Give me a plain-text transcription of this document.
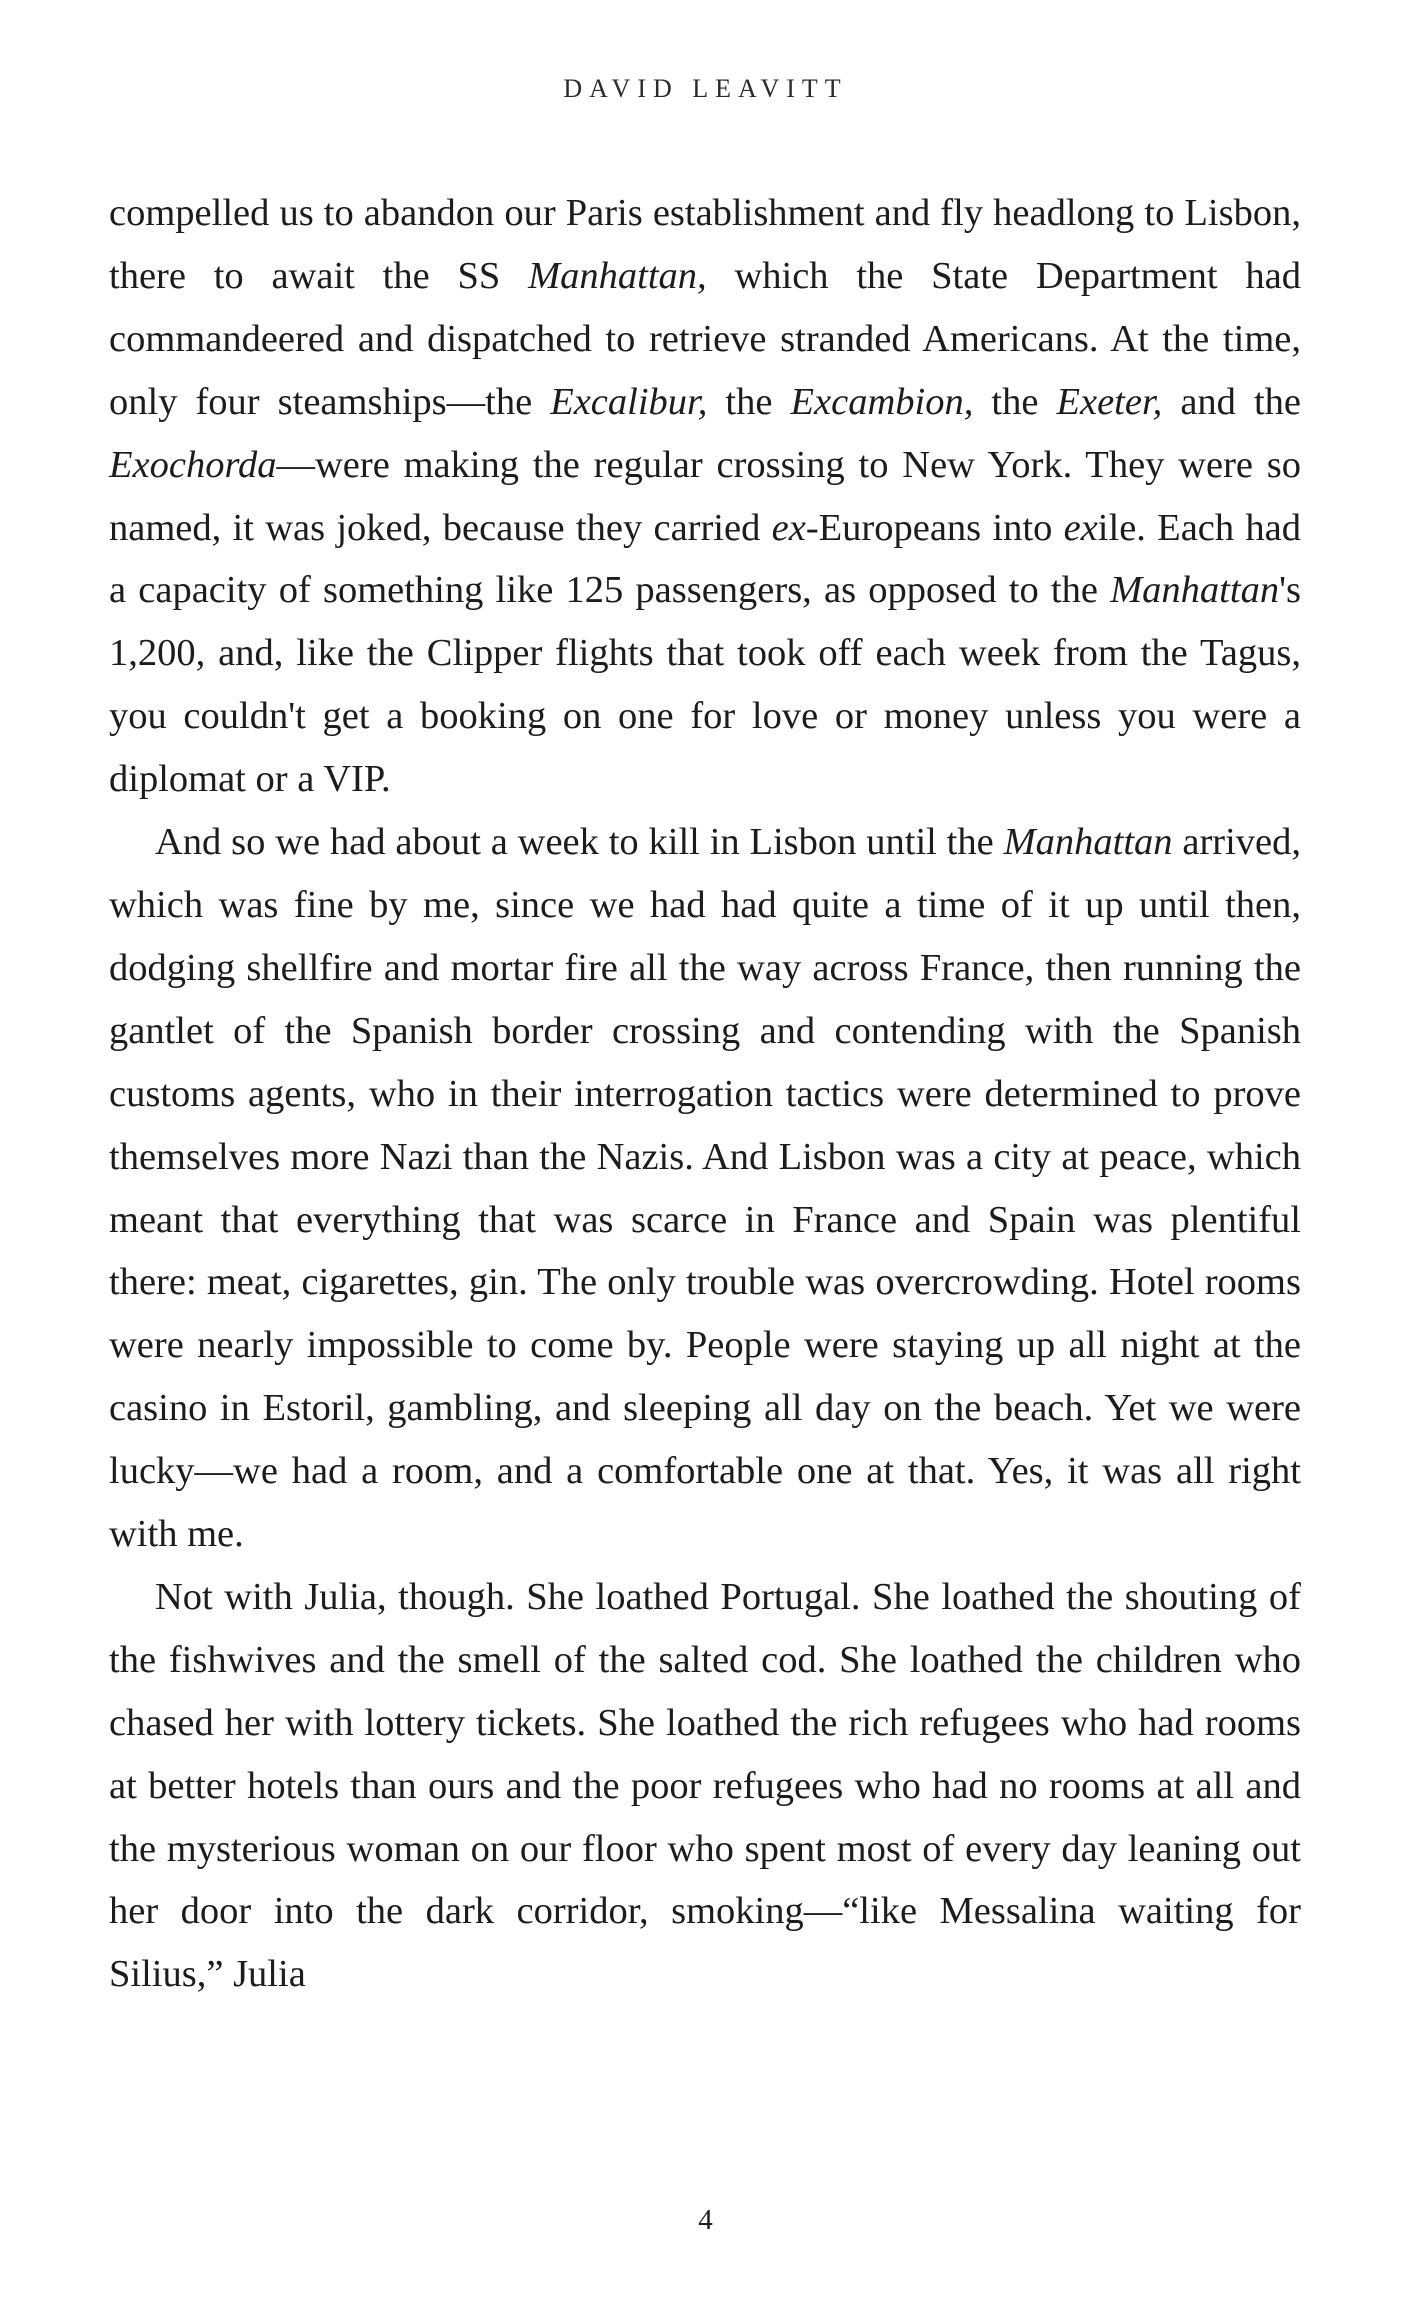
DAVID LEAVITT

compelled us to abandon our Paris establishment and fly headlong to Lisbon, there to await the SS Manhattan, which the State Department had commandeered and dispatched to retrieve stranded Americans. At the time, only four steamships—the Excalibur, the Excambion, the Exeter, and the Exochorda—were making the regular crossing to New York. They were so named, it was joked, because they carried ex-Europeans into exile. Each had a capacity of something like 125 passengers, as opposed to the Manhattan's 1,200, and, like the Clipper flights that took off each week from the Tagus, you couldn't get a booking on one for love or money unless you were a diplomat or a VIP.

And so we had about a week to kill in Lisbon until the Manhattan arrived, which was fine by me, since we had had quite a time of it up until then, dodging shellfire and mortar fire all the way across France, then running the gantlet of the Spanish border crossing and contending with the Spanish customs agents, who in their interrogation tactics were determined to prove themselves more Nazi than the Nazis. And Lisbon was a city at peace, which meant that everything that was scarce in France and Spain was plentiful there: meat, cigarettes, gin. The only trouble was overcrowding. Hotel rooms were nearly impossible to come by. People were staying up all night at the casino in Estoril, gambling, and sleeping all day on the beach. Yet we were lucky—we had a room, and a comfortable one at that. Yes, it was all right with me.

Not with Julia, though. She loathed Portugal. She loathed the shouting of the fishwives and the smell of the salted cod. She loathed the children who chased her with lottery tickets. She loathed the rich refugees who had rooms at better hotels than ours and the poor refugees who had no rooms at all and the mysterious woman on our floor who spent most of every day leaning out her door into the dark corridor, smoking—“like Messalina waiting for Silius,” Julia

4
